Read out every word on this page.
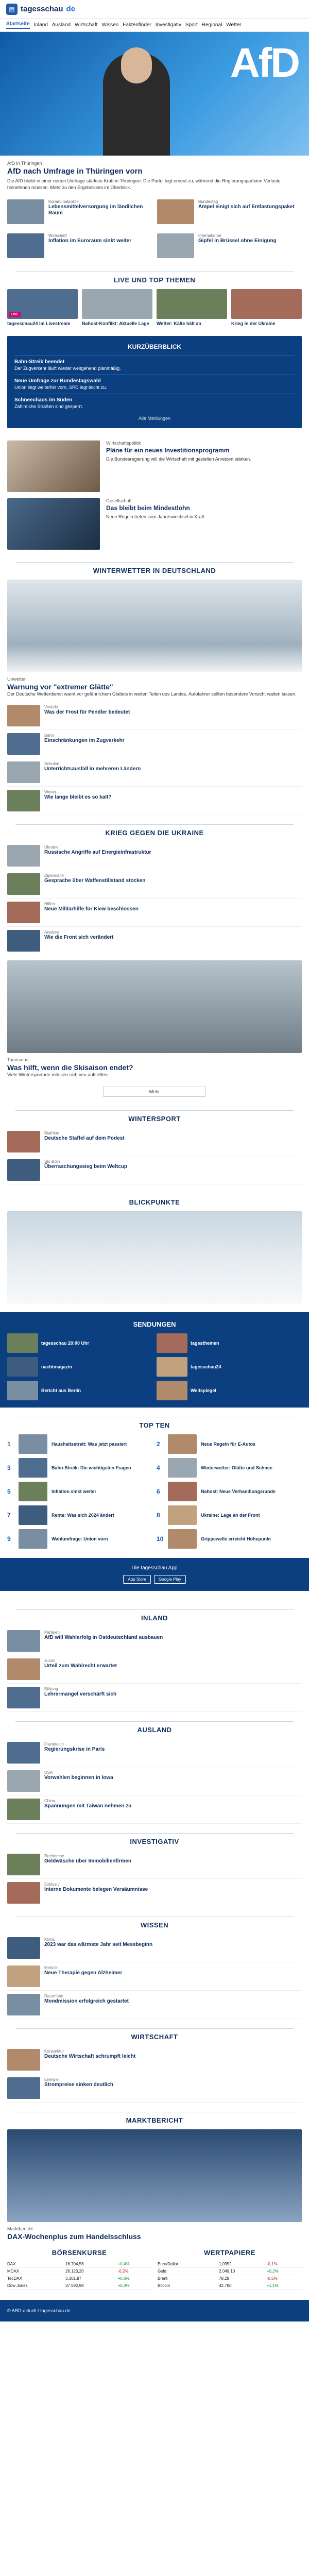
▤ tagesschau de
Startseite Inland Ausland Wirtschaft Wissen Faktenfinder Investigativ Sport Regional Wetter
AfD
AfD in Thüringen
AfD nach Umfrage in Thüringen vorn
Die AfD bleibt in einer neuen Umfrage stärkste Kraft in Thüringen. Die Partei legt erneut zu, während die Regierungsparteien Verluste hinnehmen müssen. Mehr zu den Ergebnissen im Überblick.
Kommunalpolitik
Lebensmittelversorgung im ländlichen Raum
Bundestag
Ampel einigt sich auf Entlastungspaket
Wirtschaft
Inflation im Euroraum sinkt weiter
International
Gipfel in Brüssel ohne Einigung
LIVE UND TOP THEMEN
LIVE
tagesschau24 im Livestream	Nahost-Konflikt: Aktuelle Lage	Wetter: Kälte hält an	Krieg in der Ukraine
KURZÜBERBLICK
Bahn-Streik beendet
Der Zugverkehr läuft wieder weitgehend planmäßig.
Neue Umfrage zur Bundestagswahl
Union liegt weiterhin vorn, SPD legt leicht zu.
Schneechaos im Süden
Zahlreiche Straßen sind gesperrt.
Alle Meldungen
Wirtschaftspolitik
Pläne für ein neues Investitionsprogramm
Die Bundesregierung will die Wirtschaft mit gezielten Anreizen stärken.
Gesellschaft
Das bleibt beim Mindestlohn
Neue Regeln treten zum Jahreswechsel in Kraft.
WINTERWETTER IN DEUTSCHLAND
Unwetter
Warnung vor "extremer Glätte"
Der Deutsche Wetterdienst warnt vor gefährlichem Glatteis in weiten Teilen des Landes. Autofahrer sollten besondere Vorsicht walten lassen.
Verkehr
Was der Frost für Pendler bedeutet
Bahn
Einschränkungen im Zugverkehr
Schulen
Unterrichtsausfall in mehreren Ländern
Wetter
Wie lange bleibt es so kalt?
KRIEG GEGEN DIE UKRAINE
Ukraine
Russische Angriffe auf Energieinfrastruktur
Diplomatie
Gespräche über Waffenstillstand stocken
Hilfen
Neue Militärhilfe für Kiew beschlossen
Analyse
Wie die Front sich verändert
Tourismus
Was hilft, wenn die Skisaison endet?
Viele Wintersportorte müssen sich neu aufstellen.
Mehr
WINTERSPORT
Biathlon
Deutsche Staffel auf dem Podest
Ski alpin
Überraschungssieg beim Weltcup
BLICKPUNKTE
SENDUNGEN
tagesschau 20:00 Uhr	tagesthemen
nachtmagazin	tagesschau24
Bericht aus Berlin	Weltspiegel
TOP TEN
1	Haushaltsstreit: Was jetzt passiert	2	Neue Regeln für E-Autos
3	Bahn-Streik: Die wichtigsten Fragen	4	Winterwetter: Glätte und Schnee
5	Inflation sinkt weiter	6	Nahost: Neue Verhandlungsrunde
7	Rente: Was sich 2024 ändert	8	Ukraine: Lage an der Front
9	Wahlumfrage: Union vorn	10	Grippewelle erreicht Höhepunkt
Die tagesschau App
App Store	Google Play
INLAND
Parteien
AfD will Wahlerfolg in Ostdeutschland ausbauen
Justiz
Urteil zum Wahlrecht erwartet
Bildung
Lehrermangel verschärft sich
AUSLAND
Frankreich
Regierungskrise in Paris
USA
Vorwahlen beginnen in Iowa
China
Spannungen mit Taiwan nehmen zu
INVESTIGATIV
Recherche
Geldwäsche über Immobilienfirmen
Exklusiv
Interne Dokumente belegen Versäumnisse
WISSEN
Klima
2023 war das wärmste Jahr seit Messbeginn
Medizin
Neue Therapie gegen Alzheimer
Raumfahrt
Mondmission erfolgreich gestartet
WIRTSCHAFT
Konjunktur
Deutsche Wirtschaft schrumpft leicht
Energie
Strompreise sinken deutlich
MARKTBERICHT
Marktbericht
DAX-Wochenplus zum Handelsschluss
BÖRSENKURSE
DAX	16.704,56	+0,4%
MDAX	26.123,20	-0,2%
TecDAX	3.301,87	+0,6%
Dow Jones	37.592,98	+0,3%
WERTPAPIERE
Euro/Dollar	1,0952	-0,1%
Gold	2.049,10	+0,2%
Brent	78,29	-0,5%
Bitcoin	42.780	+1,1%
© ARD-aktuell / tagesschau.de
